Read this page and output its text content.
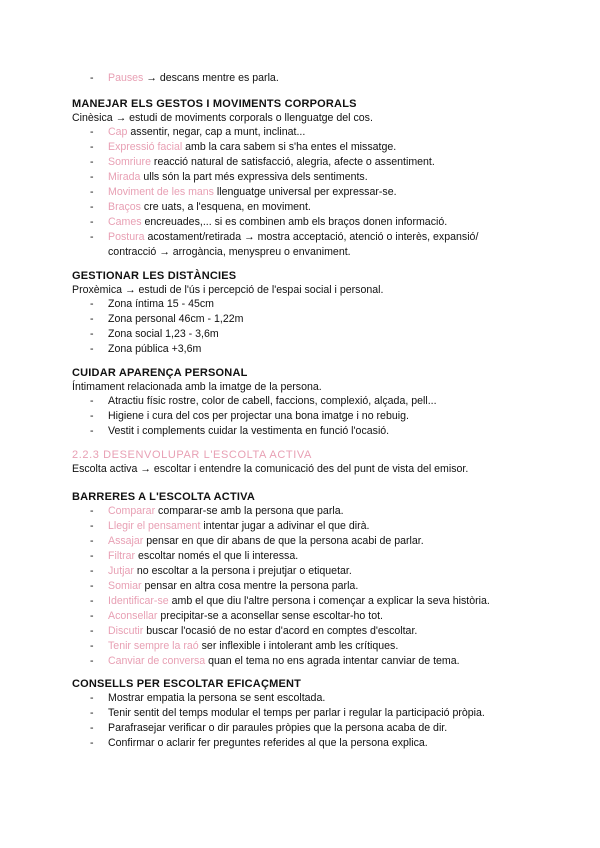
- Pauses → descans mentre es parla.
MANEJAR ELS GESTOS I MOVIMENTS CORPORALS
Cinèsica → estudi de moviments corporals o llenguatge del cos.
- Cap assentir, negar, cap a munt, inclinat...
- Expressió facial amb la cara sabem si s'ha entes el missatge.
- Somriure reacció natural de satisfacció, alegria, afecte o assentiment.
- Mirada ulls són la part més expressiva dels sentiments.
- Moviment de les mans llenguatge universal per expressar-se.
- Braços cre uats, a l'esquena, en moviment.
- Cames encreuades,... si es combinen amb els braços donen informació.
- Postura acostament/retirada → mostra acceptació, atenció o interès, expansió/
contracció → arrogància, menyspreu o envaniment.
GESTIONAR LES DISTÀNCIES
Proxèmica → estudi de l'ús i percepció de l'espai social i personal.
- Zona íntima 15 - 45cm
- Zona personal 46cm - 1,22m
- Zona social 1,23 - 3,6m
- Zona pública +3,6m
CUIDAR APARENÇA PERSONAL
Íntimament relacionada amb la imatge de la persona.
- Atractiu físic rostre, color de cabell, faccions, complexió, alçada, pell...
- Higiene i cura del cos per projectar una bona imatge i no rebuig.
- Vestit i complements cuidar la vestimenta en funció l'ocasió.
2.2.3 DESENVOLUPAR L'ESCOLTA ACTIVA
Escolta activa → escoltar i entendre la comunicació des del punt de vista del emisor.
BARRERES A L'ESCOLTA ACTIVA
- Comparar comparar-se amb la persona que parla.
- Llegir el pensament intentar jugar a adivinar el que dirà.
- Assajar pensar en que dir abans de que la persona acabi de parlar.
- Filtrar escoltar només el que li interessa.
- Jutjar no escoltar a la persona i prejutjar o etiquetar.
- Somiar pensar en altra cosa mentre la persona parla.
- Identificar-se amb el que diu l'altre persona i començar a explicar la seva història.
- Aconsellar precipitar-se a aconsellar sense escoltar-ho tot.
- Discutir buscar l'ocasió de no estar d'acord en comptes d'escoltar.
- Tenir sempre la raó ser inflexible i intolerant amb les crítiques.
- Canviar de conversa quan el tema no ens agrada intentar canviar de tema.
CONSELLS PER ESCOLTAR EFICAÇMENT
- Mostrar empatia la persona se sent escoltada.
- Tenir sentit del temps modular el temps per parlar i regular la participació pròpia.
- Parafrasejar verificar o dir paraules pròpies que la persona acaba de dir.
- Confirmar o aclarir fer preguntes referides al que la persona explica.
